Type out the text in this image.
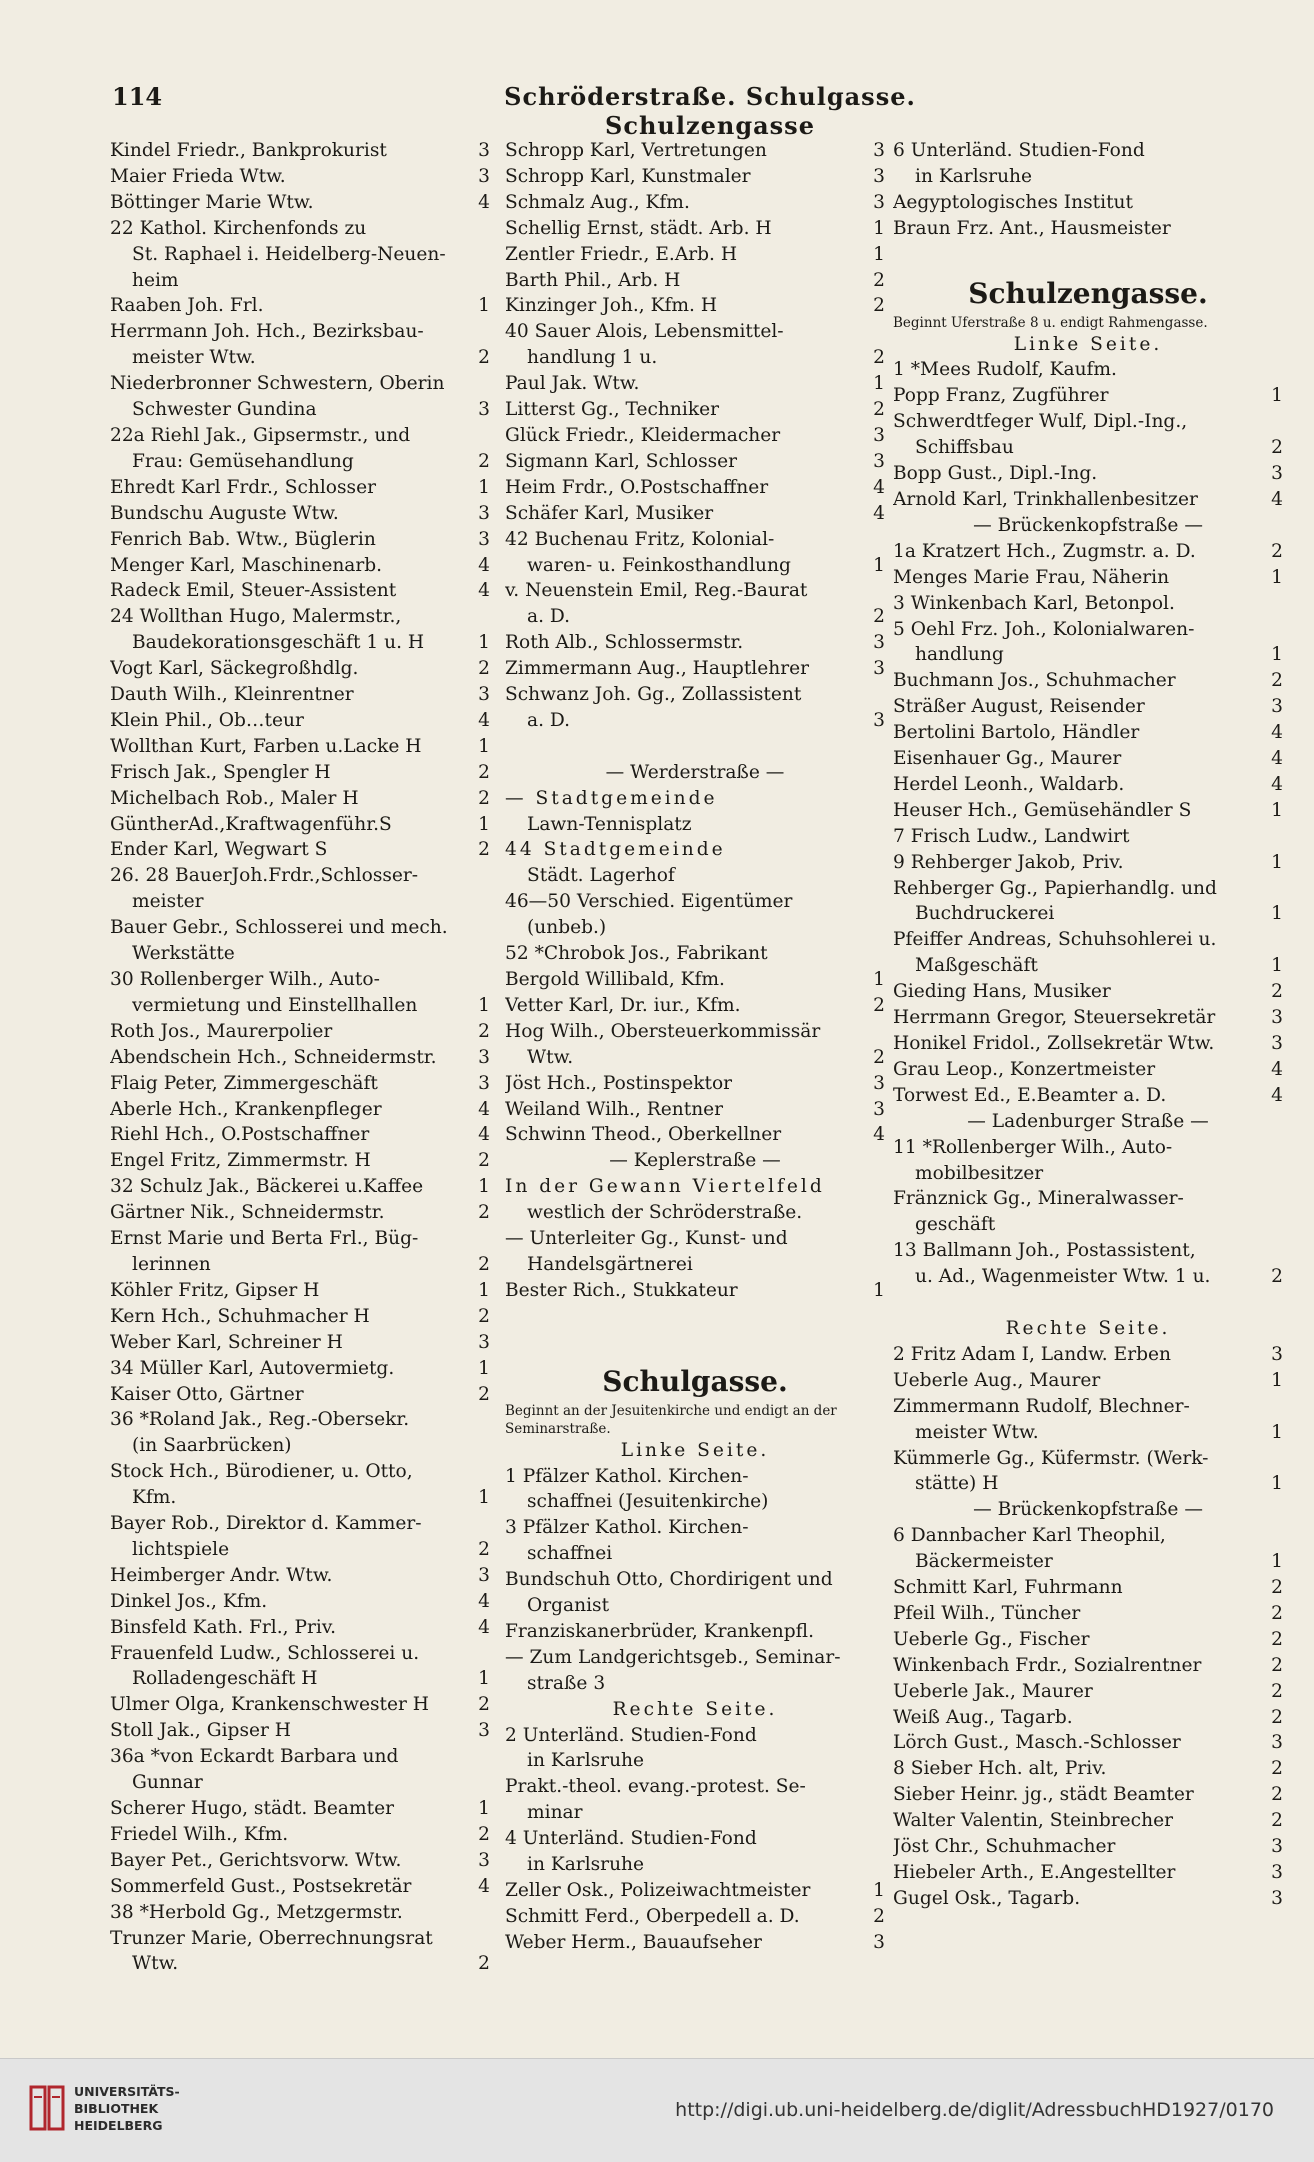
114	Schröderstraße. Schulgasse. Schulzengasse
Kindel Friedr., Bankprokurist	3
Maier Frieda Wtw.	3
Böttinger Marie Wtw.	4
22 Kathol. Kirchenfonds zu
St. Raphael i. Heidelberg-Neuen-
heim
Raaben Joh. Frl.	1
Herrmann Joh. Hch., Bezirksbau-
meister Wtw.	2
Niederbronner Schwestern, Oberin
Schwester Gundina	3
22a Riehl Jak., Gipsermstr., und
Frau: Gemüsehandlung	2
Ehredt Karl Frdr., Schlosser	1
Bundschu Auguste Wtw.	3
Fenrich Bab. Wtw., Büglerin	3
Menger Karl, Maschinenarb.	4
Radeck Emil, Steuer-Assistent	4
24 Wollthan Hugo, Malermstr.,
Baudekorationsgeschäft 1 u. H	1
Vogt Karl, Säckegroßhdlg.	2
Dauth Wilh., Kleinrentner	3
Klein Phil., Ob…teur	4
Wollthan Kurt, Farben u.Lacke H	1
Frisch Jak., Spengler H	2
Michelbach Rob., Maler H	2
GüntherAd.,Kraftwagenführ.S	1
Ender Karl, Wegwart S	2
26. 28 BauerJoh.Frdr.,Schlosser-
meister
Bauer Gebr., Schlosserei und mech.
Werkstätte
30 Rollenberger Wilh., Auto-
vermietung und Einstellhallen	1
Roth Jos., Maurerpolier	2
Abendschein Hch., Schneidermstr.	3
Flaig Peter, Zimmergeschäft	3
Aberle Hch., Krankenpfleger	4
Riehl Hch., O.Postschaffner	4
Engel Fritz, Zimmermstr. H	2
32 Schulz Jak., Bäckerei u.Kaffee	1
Gärtner Nik., Schneidermstr.	2
Ernst Marie und Berta Frl., Büg-
lerinnen	2
Köhler Fritz, Gipser H	1
Kern Hch., Schuhmacher H	2
Weber Karl, Schreiner H	3
34 Müller Karl, Autovermietg.	1
Kaiser Otto, Gärtner	2
36 *Roland Jak., Reg.-Obersekr.
(in Saarbrücken)
Stock Hch., Bürodiener, u. Otto,
Kfm.	1
Bayer Rob., Direktor d. Kammer-
lichtspiele	2
Heimberger Andr. Wtw.	3
Dinkel Jos., Kfm.	4
Binsfeld Kath. Frl., Priv.	4
Frauenfeld Ludw., Schlosserei u.
Rolladengeschäft H	1
Ulmer Olga, Krankenschwester H	2
Stoll Jak., Gipser H	3
36a *von Eckardt Barbara und
Gunnar
Scherer Hugo, städt. Beamter	1
Friedel Wilh., Kfm.	2
Bayer Pet., Gerichtsvorw. Wtw.	3
Sommerfeld Gust., Postsekretär	4
38 *Herbold Gg., Metzgermstr.
Trunzer Marie, Oberrechnungsrat
Wtw.	2
Schropp Karl, Vertretungen	3
Schropp Karl, Kunstmaler	3
Schmalz Aug., Kfm.	3
Schellig Ernst, städt. Arb. H	1
Zentler Friedr., E.Arb. H	1
Barth Phil., Arb. H	2
Kinzinger Joh., Kfm. H	2
40 Sauer Alois, Lebensmittel-
handlung 1 u.	2
Paul Jak. Wtw.	1
Litterst Gg., Techniker	2
Glück Friedr., Kleidermacher	3
Sigmann Karl, Schlosser	3
Heim Frdr., O.Postschaffner	4
Schäfer Karl, Musiker	4
42 Buchenau Fritz, Kolonial-
waren- u. Feinkosthandlung	1
v. Neuenstein Emil, Reg.-Baurat
a. D.	2
Roth Alb., Schlossermstr.	3
Zimmermann Aug., Hauptlehrer	3
Schwanz Joh. Gg., Zollassistent
a. D.	3

— Werderstraße —
— Stadtgemeinde
Lawn-Tennisplatz
44 Stadtgemeinde
Städt. Lagerhof
46—50 Verschied. Eigentümer
(unbeb.)
52 *Chrobok Jos., Fabrikant
Bergold Willibald, Kfm.	1
Vetter Karl, Dr. iur., Kfm.	2
Hog Wilh., Obersteuerkommissär
Wtw.	2
Jöst Hch., Postinspektor	3
Weiland Wilh., Rentner	3
Schwinn Theod., Oberkellner	4
— Keplerstraße —
In der Gewann Viertelfeld
westlich der Schröderstraße.
— Unterleiter Gg., Kunst- und
Handelsgärtnerei
Bester Rich., Stukkateur	1

Schulgasse.
Beginnt an der Jesuitenkirche und endigt an der Seminarstraße.
Linke Seite.
1 Pfälzer Kathol. Kirchen-
schaffnei (Jesuitenkirche)
3 Pfälzer Kathol. Kirchen-
schaffnei
Bundschuh Otto, Chordirigent und
Organist
Franziskanerbrüder, Krankenpfl.
— Zum Landgerichtsgeb., Seminar-
straße 3
Rechte Seite.
2 Unterländ. Studien-Fond
in Karlsruhe
Prakt.-theol. evang.-protest. Se-
minar
4 Unterländ. Studien-Fond
in Karlsruhe
Zeller Osk., Polizeiwachtmeister	1
Schmitt Ferd., Oberpedell a. D.	2
Weber Herm., Bauaufseher	3
6 Unterländ. Studien-Fond
in Karlsruhe
Aegyptologisches Institut
Braun Frz. Ant., Hausmeister

Schulzengasse.
Beginnt Uferstraße 8 u. endigt Rahmengasse.
Linke Seite.
1 *Mees Rudolf, Kaufm.
Popp Franz, Zugführer	1
Schwerdtfeger Wulf, Dipl.-Ing.,
Schiffsbau	2
Bopp Gust., Dipl.-Ing.	3
Arnold Karl, Trinkhallenbesitzer	4
— Brückenkopfstraße —
1a Kratzert Hch., Zugmstr. a. D.	2
Menges Marie Frau, Näherin	1
3 Winkenbach Karl, Betonpol.
5 Oehl Frz. Joh., Kolonialwaren-
handlung	1
Buchmann Jos., Schuhmacher	2
Sträßer August, Reisender	3
Bertolini Bartolo, Händler	4
Eisenhauer Gg., Maurer	4
Herdel Leonh., Waldarb.	4
Heuser Hch., Gemüsehändler S	1
7 Frisch Ludw., Landwirt
9 Rehberger Jakob, Priv.	1
Rehberger Gg., Papierhandlg. und
Buchdruckerei	1
Pfeiffer Andreas, Schuhsohlerei u.
Maßgeschäft	1
Gieding Hans, Musiker	2
Herrmann Gregor, Steuersekretär	3
Honikel Fridol., Zollsekretär Wtw.	3
Grau Leop., Konzertmeister	4
Torwest Ed., E.Beamter a. D.	4
— Ladenburger Straße —
11 *Rollenberger Wilh., Auto-
mobilbesitzer
Fränznick Gg., Mineralwasser-
geschäft
13 Ballmann Joh., Postassistent,
u. Ad., Wagenmeister Wtw. 1 u.	2

Rechte Seite.
2 Fritz Adam I, Landw. Erben	3
Ueberle Aug., Maurer	1
Zimmermann Rudolf, Blechner-
meister Wtw.	1
Kümmerle Gg., Küfermstr. (Werk-
stätte) H	1
— Brückenkopfstraße —
6 Dannbacher Karl Theophil,
Bäckermeister	1
Schmitt Karl, Fuhrmann	2
Pfeil Wilh., Tüncher	2
Ueberle Gg., Fischer	2
Winkenbach Frdr., Sozialrentner	2
Ueberle Jak., Maurer	2
Weiß Aug., Tagarb.	2
Lörch Gust., Masch.-Schlosser	3
8 Sieber Hch. alt, Priv.	2
Sieber Heinr. jg., städt Beamter	2
Walter Valentin, Steinbrecher	2
Jöst Chr., Schuhmacher	3
Hiebeler Arth., E.Angestellter	3
Gugel Osk., Tagarb.	3
UNIVERSITÄTS-
BIBLIOTHEK
HEIDELBERG
http://digi.ub.uni-heidelberg.de/diglit/AdressbuchHD1927/0170
